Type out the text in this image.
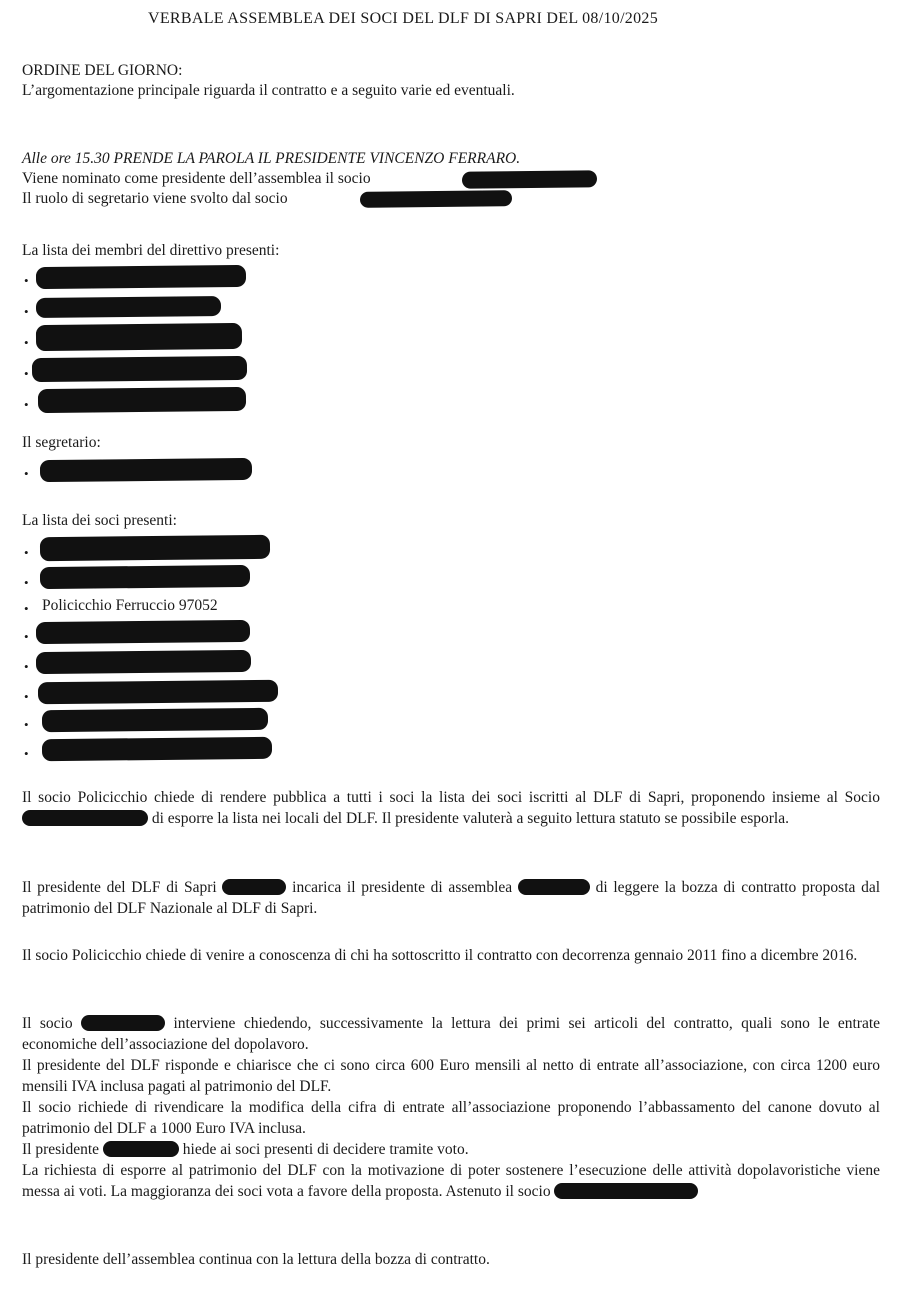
VERBALE ASSEMBLEA DEI SOCI DEL DLF DI SAPRI DEL 08/10/2025
ORDINE DEL GIORNO:
L’argomentazione principale riguarda il contratto e a seguito varie ed eventuali.
Alle ore 15.30 PRENDE LA PAROLA IL PRESIDENTE VINCENZO FERRARO.
Viene nominato come presidente dell’assemblea il socio
Il ruolo di segretario viene svolto dal socio
La lista dei membri del direttivo presenti:
•
•
•
•
•
Il segretario:
•
La lista dei soci presenti:
•
•
• Policicchio Ferruccio 97052
•
•
•
•
•
Il socio Policicchio chiede di rendere pubblica a tutti i soci la lista dei soci iscritti al DLF di Sapri, proponendo insieme al Socio  di esporre la lista nei locali del DLF. Il presidente valuterà a seguito lettura statuto se possibile esporla.
Il presidente del DLF di Sapri	incarica il presidente di assemblea	di leggere la bozza di contratto proposta dal patrimonio del DLF Nazionale al DLF di Sapri.
Il socio Policicchio chiede di venire a conoscenza di chi ha sottoscritto il contratto con decorrenza gennaio 2011 fino a dicembre 2016.
Il socio	interviene chiedendo, successivamente la lettura dei primi sei articoli del contratto, quali sono le entrate economiche dell’associazione del dopolavoro.
Il presidente del DLF risponde e chiarisce che ci sono circa 600 Euro mensili al netto di entrate all’associazione, con circa 1200 euro mensili IVA inclusa pagati al patrimonio del DLF.
Il socio richiede di rivendicare la modifica della cifra di entrate all’associazione proponendo l’abbassamento del canone dovuto al patrimonio del DLF a 1000 Euro IVA inclusa.
Il presidente	hiede ai soci presenti di decidere tramite voto.
La richiesta di esporre al patrimonio del DLF con la motivazione di poter sostenere l’esecuzione delle attività dopolavoristiche viene messa ai voti. La maggioranza dei soci vota a favore della proposta. Astenuto il socio
Il presidente dell’assemblea continua con la lettura della bozza di contratto.
